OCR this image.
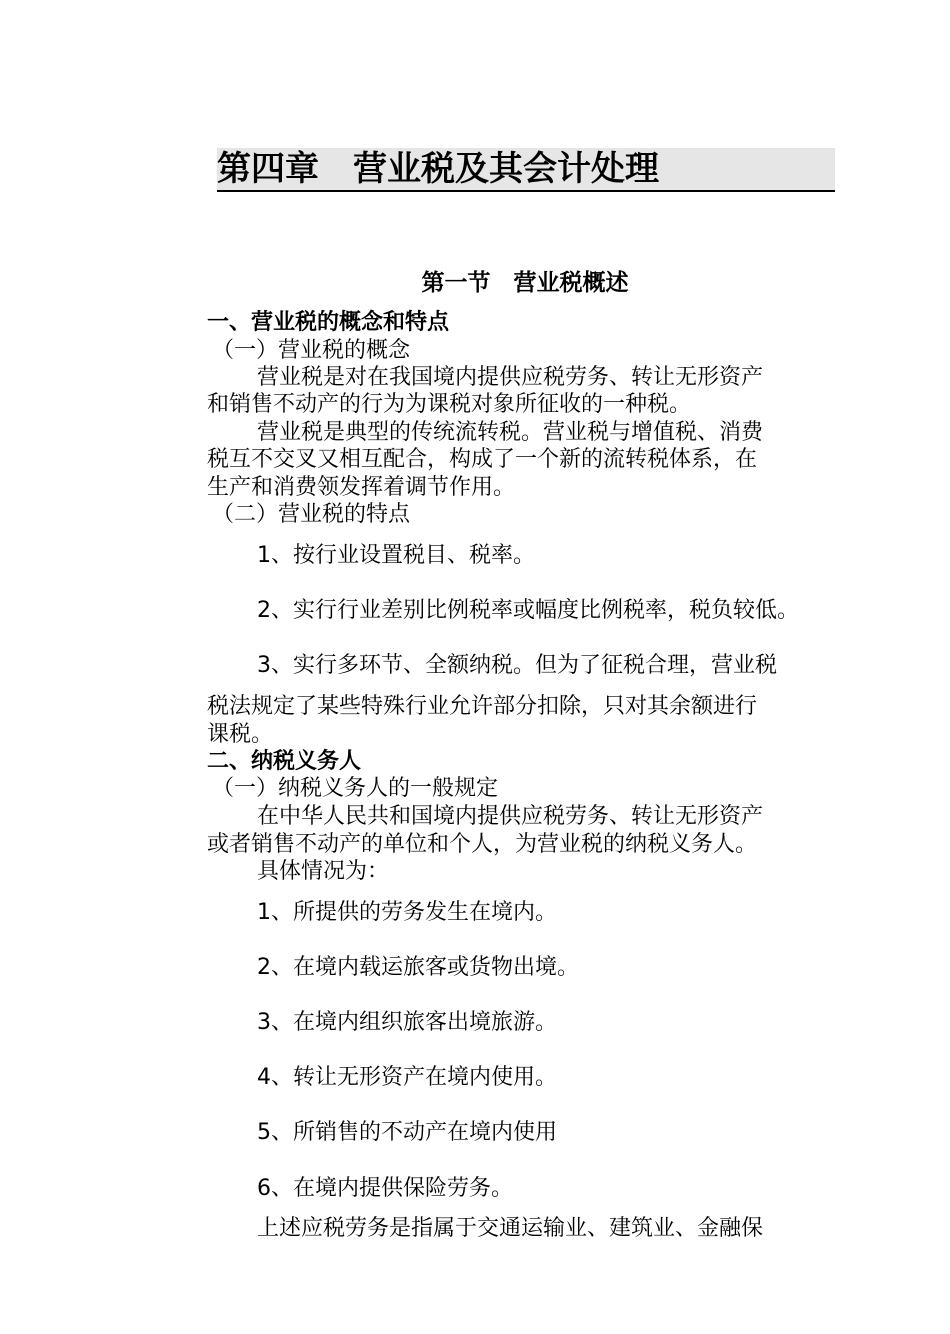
第四章　营业税及其会计处理
第一节　营业税概述
一、营业税的概念和特点
（一）营业税的概念
营业税是对在我国境内提供应税劳务、转让无形资产
和销售不动产的行为为课税对象所征收的一种税。
营业税是典型的传统流转税。营业税与增值税、消费
税互不交叉又相互配合，构成了一个新的流转税体系，在
生产和消费领发挥着调节作用。
（二）营业税的特点
1、按行业设置税目、税率。
2、实行行业差别比例税率或幅度比例税率，税负较低。
3、实行多环节、全额纳税。但为了征税合理，营业税
税法规定了某些特殊行业允许部分扣除，只对其余额进行
课税。
二、纳税义务人
（一）纳税义务人的一般规定
在中华人民共和国境内提供应税劳务、转让无形资产
或者销售不动产的单位和个人，为营业税的纳税义务人。
具体情况为：
1、所提供的劳务发生在境内。
2、在境内载运旅客或货物出境。
3、在境内组织旅客出境旅游。
4、转让无形资产在境内使用。
5、所销售的不动产在境内使用
6、在境内提供保险劳务。
上述应税劳务是指属于交通运输业、建筑业、金融保
